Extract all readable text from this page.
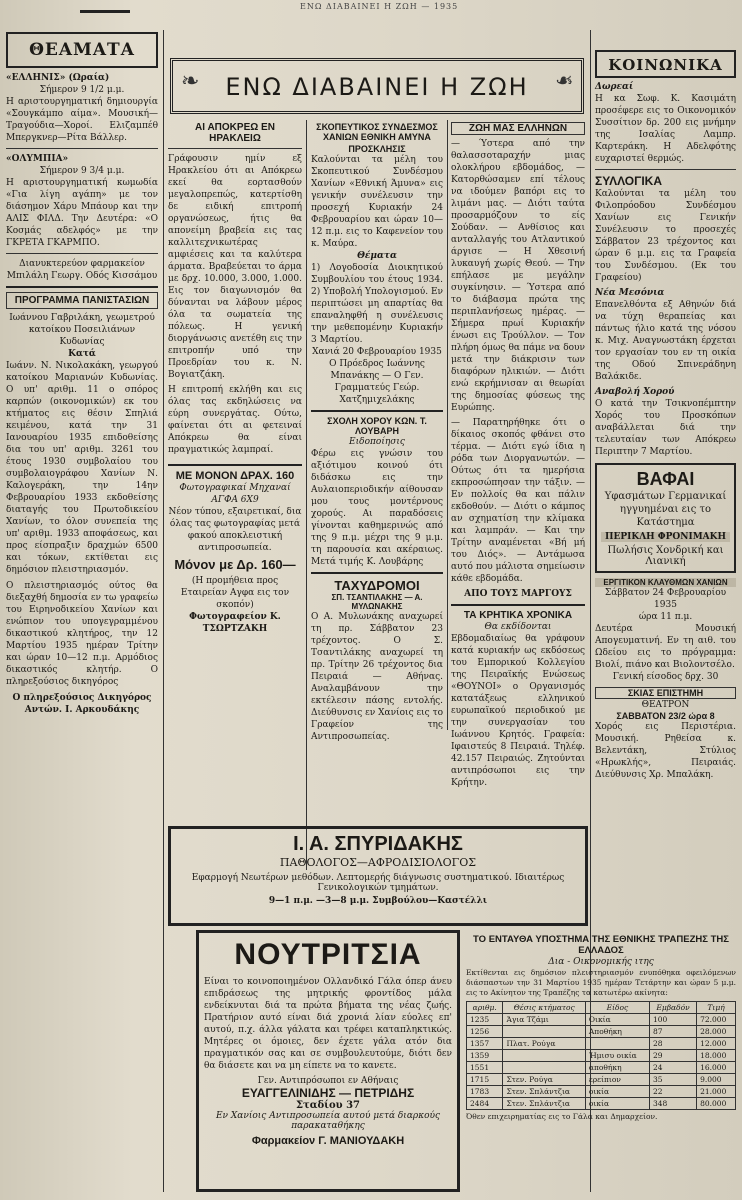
ΕΝΩ ΔΙΑΒΑΙΝΕΙ Η ΖΩΗ — 1935
ΘΕΑΜΑΤΑ
«ΕΛΛΗΝΙΣ» (Ωραία)
Σήμερον 9 1/2 μ.μ.
Η αριστουργηματική δημιουργία «Σουγκάμπο αίμα». Μουσική—Τραγούδια—Χοροί. Ελιζαμπέθ Μπεργκνερ—Ρίτα Βάλλερ.
«ΟΛΥΜΠΙΑ»
Σήμερον 9 3/4 μ.μ.
Η αριστουργηματική κωμωδία «Για λίγη αγάπη» με τον διάσημον Χάρυ Μπάουρ και την ΑΛΙΣ ΦΙΛΔ. Την Δευτέρα: «Ο Κοσμάς αδελφός» με την ΓΚΡΕΤΑ ΓΚΑΡΜΠΟ.
Διανυκτερεύον φαρμακείον Μπιλάλη Γεωργ. Οδός Κισσάμου
ΠΡΟΓΡΑΜΜΑ ΠΑΝΙΣΤΑΣΙΩΝ
Ιωάννου Γαβριλάκη, γεωμετρού κατοίκου Ποσειλιάνων Κυδωνίας
Κατά
Ιωάνν. Ν. Νικολακάκη, γεωργού κατοίκου Μαριανών Κυδωνίας. Ο υπ' αριθμ. 11 ο σπόρος καρπών (οικονομικών) εκ του κτήματος εις θέσιν Σπηλιά κειμένου, κατά την 31 Ιανουαρίου 1935 επιδοθείσης δια του υπ' αριθμ. 3261 του έτους 1930 συμβολαίου του συμβολαιογράφου Χανίων Ν. Καλογεράκη, την 14ην Φεβρουαρίου 1933 εκδοθείσης διαταγής του Πρωτοδικείου Χανίων, το όλον συνεπεία της υπ' αριθμ. 1933 αποφάσεως, και προς είσπραξιν δραχμών 6500 και τόκων, εκτίθεται εις δημόσιον πλειστηριασμόν.
Ο πλειστηριασμός ούτος θα διεξαχθή δημοσία εν τω γραφείω του Ειρηνοδικείου Χανίων και ενώπιον του υπογεγραμμένου δικαστικού κλητήρος, την 12 Μαρτίου 1935 ημέραν Τρίτην και ώραν 10—12 π.μ. Αρμόδιος δικαστικός κλητήρ. Ο πληρεξούσιος δικηγόρος
Ο πληρεξούσιος Δικηγόρος Αντών. Ι. Αρκουδάκης
❧	❧
ΕΝΩ ΔΙΑΒΑΙΝΕΙ Η ΖΩΗ
ΑΙ ΑΠΟΚΡΕΩ ΕΝ ΗΡΑΚΛΕΙΩ
Γράφουσιν ημίν εξ Ηρακλείου ότι αι Απόκρεω εκεί θα εορτασθούν μεγαλοπρεπώς, κατερτίσθη δε ειδική επιτροπή οργανώσεως, ήτις θα απονείμη βραβεία εις τας καλλιτεχνικωτέρας αμφιέσεις και τα καλύτερα άρματα. Βραβεύεται το άρμα με δρχ. 10.000, 3.000, 1.000. Εις τον διαγωνισμόν θα δύνανται να λάβουν μέρος όλα τα σωματεία της πόλεως. Η γενική διοργάνωσις ανετέθη εις την επιτροπήν υπό την Προεδρίαν του κ. Ν. Βογιατζάκη.
Η επιτροπή εκλήθη και εις όλας τας εκδηλώσεις να εύρη συνεργάτας. Ούτω, φαίνεται ότι αι φετειναί Απόκρεω θα είναι πραγματικώς λαμπραί.
ΜΕ ΜΟΝΟΝ ΔΡΑΧ. 160
Φωτογραφικαί Μηχαναί ΑΓΦΑ 6Χ9
Νέον τύπου, εξαιρετικαί, δια όλας τας φωτογραφίας μετά φακού αποκλειστική αντιπροσωπεία.
Μόνον με Δρ. 160—
(Η προμήθεια προς Εταιρείαν Αγφα εις τον σκοπόν)
Φωτογραφείον Κ. ΤΣΩΡΤΖΑΚΗ
ΣΚΟΠΕΥΤΙΚΟΣ ΣΥΝΔΕΣΜΟΣ ΧΑΝΙΩΝ ΕΘΝΙΚΗ ΑΜΥΝΑ
ΠΡΟΣΚΛΗΣΙΣ
Καλούνται τα μέλη του Σκοπευτικού Συνδέσμου Χανίων «Εθνική Άμυνα» εις γενικήν συνέλευσιν την προσεχή Κυριακήν 24 Φεβρουαρίου και ώραν 10—12 π.μ. εις το Καφενείον του κ. Μαύρα.
Θέματα
1) Λογοδοσία Διοικητικού Συμβουλίου του έτους 1934. 2) Υποβολή Υπολογισμού. Εν περιπτώσει μη απαρτίας θα επαναληφθή η συνέλευσις την μεθεπομένην Κυριακήν 3 Μαρτίου.
Χανιά 20 Φεβρουαρίου 1935
Ο Πρόεδρος Ιωάννης Μπανάκης — Ο Γεν. Γραμματεύς Γεώρ. Χατζημιχελάκης
ΣΧΟΛΗ ΧΟΡΟΥ ΚΩΝ. Τ. ΛΟΥΒΑΡΗ
Ειδοποίησις
Φέρω εις γνώσιν του αξιότιμου κοινού ότι διδάσκω εις την Αυλαιοπεριοδικήν αίθουσαν μου τους μοντέρνους χορούς. Αι παραδόσεις γίνονται καθημερινώς από της 9 π.μ. μέχρι της 9 μ.μ. τη παρουσία και ακέραιως. Μετά τιμής Κ. Λουβάρης
ΤΑΧΥΔΡΟΜΟΙ
ΣΠ. ΤΣΑΝΤΙΛΑΚΗΣ — Α. ΜΥΛΩΝΑΚΗΣ
Ο Α. Μυλωνάκης αναχωρεί τη πρ. Σάββατον 23 τρέχοντος. Ο Σ. Τσαντιλάκης αναχωρεί τη πρ. Τρίτην 26 τρέχοντος δια Πειραιά — Αθήνας. Αναλαμβάνουν την εκτέλεσιν πάσης εντολής. Διεύθυνσις εν Χανίοις εις το Γραφείον της Αντιπροσωπείας.
ΖΩΗ ΜΑΣ ΕΛΛΗΝΩΝ
— Ύστερα από την θαλασσοταραχήν μιας ολοκλήρου εβδομάδος, — Κατορθώσαμεν επί τέλους να ιδούμεν βαπόρι εις το λιμάνι μας. — Διότι ταύτα προσαρμόζουν το είς Σούδαν. — Ανθίσιος και ανταλλαγής του Ατλαντικού άργισε — Η Χθεσινή λυκαυγή χωρίς Θεού. — Την επήλασε με μεγάλην συγκίνησιν. — Ύστερα από το διάβασμα πρώτα της περιπλανήσεως ημέρας. — Σήμερα πρωί Κυριακήν ένωσι εις Τρούλλον. — Τον πλήρη όμως θα πάμε να δουν μετά την διάκρισιν των διαφόρων ηλικιών. — Διότι ενώ εκρήμνισαν αι θεωρίαι της δημοσίας φύσεως της Ευρώπης.
— Παρατηρήθηκε ότι ο δίκαιος σκοπός φθάνει στο τέρμα. — Διότι εγώ ίδια η ρόδα των Διοργανωτών. — Ούτως ότι τα ημερήσια εκπροσώπησαν την τάξιν. — Εν πολλοίς θα και πάλιν εκδοθούν. — Διότι ο κάμπος αν σχηματίση την κλίμακα και λαμπράν. — Και την Τρίτην αναμένεται «Βή μή του Διός». — Αντάμωσα αυτό που μάλιστα σημείωσιν κάθε εβδομάδα.
ΑΠΟ ΤΟΥΣ ΜΑΡΓΟΥΣ
ΤΑ ΚΡΗΤΙΚΑ ΧΡΟΝΙΚΑ
Θα εκδίδονται
Εβδομαδιαίως θα γράφουν κατά κυριακήν ως εκδόσεως του Εμπορικού Κολλεγίου της Πειραϊκής Ενώσεως «ΘΟΥΝΟΙ» ο Οργανισμός κατατάξεως ελληνικού ευρωπαϊκού περιοδικού με την συνεργασίαν του Ιωάννου Κρητός. Γραφεία: Ιφαιστεύς 8 Πειραιά. Τηλέφ. 42.157 Πειραιώς. Ζητούνται αντιπρόσωποι εις την Κρήτην.
ΚΟΙΝΩΝΙΚΑ
Δωρεαί
Η κα Σωφ. Κ. Κασιμάτη προσέφερε εις το Οικονομικόν Συσσίτιον δρ. 200 εις μνήμην της Ισαλίας Λαμπρ. Καρτεράκη. Η Αδελφότης ευχαριστεί θερμώς.
ΣΥΛΛΟΓΙΚΑ
Καλούνται τα μέλη του Φιλοπρόοδου Συνδέσμου Χανίων εις Γενικήν Συνέλευσιν το προσεχές Σάββατον 23 τρέχοντος και ώραν 6 μ.μ. εις τα Γραφεία του Συνδέσμου. (Εκ του Γραφείου)
Νέα Μεσόνια
Επανελθόντα εξ Αθηνών διά να τύχη θεραπείας και πάντως ήλιο κατά της νόσου κ. Μιχ. Αναγνωστάκη έρχεται τον εργασίαν του εν τη οικία της Οδού Σπινεράδηνη Βαλάκιδε.
Αναβολή Χορού
Ο κατά την Τσικνοπέμπτην Χορός του Προσκόπων αναβάλλεται διά την τελευταίαν των Απόκρεω Περιπτην 7 Μαρτίου.
ΒΑΦΑΙ
Υφασμάτων Γερμανικαί ηγγυημέναι εις το Κατάστημα
ΠΕΡΙΚΛΗ ΦΡΟΝΙΜΑΚΗ
Πωλήσις Χονδρική και Λιανική
ΕΡΓΙΤΙΚΟΝ ΚΛΑΥΘΜΩΝ ΧΑΝΙΩΝ
Σάββατον 24 Φεβρουαρίου 1935
ώρα 11 π.μ.
Δευτέρα Μουσική Απογευματινή. Εν τη αιθ. του Ωδείου εις το πρόγραμμα: Βιολί, πιάνο και Βιολοντσέλο.
Γενική είσοδος δρχ. 30
ΣΚΙΑΣ ΕΠΙΣΤΗΜΗ
ΘΕΑΤΡΟΝ
ΣΑΒΒΑΤΟΝ 23/2 ώρα 8
Χορός εις Περιστέρια. Μουσική. Ρηθείσα κ. Βελεντάκη, Στύλιος «Ηρωκλής», Πειραιάς. Διεύθυνσις Χρ. Μπαλάκη.
Ι. Α. ΣΠΥΡΙΔΑΚΗΣ
ΠΑΘΟΛΟΓΟΣ—ΑΦΡΟΔΙΣΙΟΛΟΓΟΣ
Εφαρμογή Νεωτέρων μεθόδων. Λεπτομερής διάγνωσις συστηματικού. Ιδιαιτέρως Γενικολογικών τμημάτων.
9—1 π.μ. —3—8 μ.μ. Συμβούλου—Καστέλλι
ΝΟΥΤΡΙΤΣΙΑ
Είναι το κοινοποιημένον Ολλανδικό Γάλα όπερ άνευ επιδράσεως της μητρικής φροντίδος μάλα ενδείκνυται διά τα πρώτα βήματα της νέας ζωής. Πρατήριον αυτό είναι διά χρονιά λίαν εύολες επ' αυτού, π.χ. άλλα γάλατα και τρέφει καταπληκτικώς. Μητέρες οι όμοιες, δεν έχετε γάλα ατόν δια πραγματικόν σας και σε συμβουλευτούμε, διότι δεν θα διάσετε και να μη είπετε να το κανετε.
Γεν. Αντιπρόσωποι εν Αθήναις
ΕΥΑΓΓΕΛΙΝΙΔΗΣ — ΠΕΤΡΙΔΗΣ
Σταδίου 37
Εν Χανίοις Αντιπροσωπεία αυτού μετά διαρκούς παρακαταθήκης
Φαρμακείον Γ. ΜΑΝΙΟΥΔΑΚΗ
ΤΟ ΕΝΤΑΥΘΑ ΥΠΟΣΤΗΜΑ ΤΗΣ ΕΘΝΙΚΗΣ ΤΡΑΠΕΖΗΣ ΤΗΣ ΕΛΛΑΔΟΣ
Δια - Οικονομικής ιτης
Εκτίθενται εις δημόσιον πλειστηριασμόν ενυπόθηκα οφειλόμενων διάσπαστων την 31 Μαρτίου 1935 ημέραν Τετάρτην και ώραν 5 μ.μ. εις το Ακίνητον της Τραπέζης τα κατωτέρω ακίνητα:
αριθμ.	Θέσις κτήματος	Είδος	Εμβαδόν	Τιμή
1235	Άγια Τζάμι	Οικία	100	72.000
1256		Αποθήκη	87	28.000
1357	Πλατ. Ρούγα		28	12.000
1359		Ήμισυ οικία	29	18.000
1551		αποθήκη	24	16.000
1715	Στεν. Ρούγα	ερείπιον	35	9.000
1783	Στεν. Σπλάντζια	οικία	22	21.000
2484	Στεν. Σπλάντζια	οικία	348	80.000
Όθεν επιχειρηματίας εις το Γάλα και Δημαρχείον.
